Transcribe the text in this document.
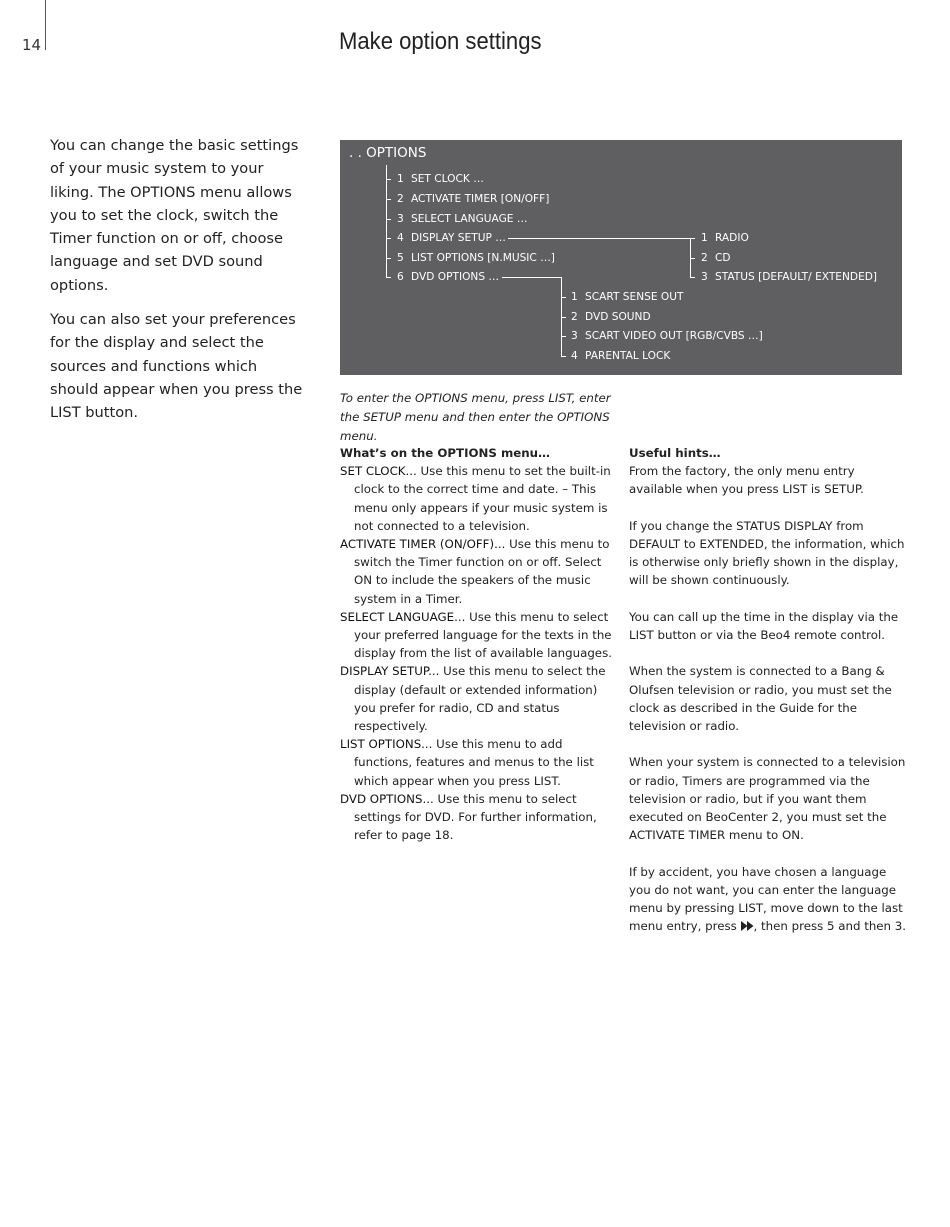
14	Make option settings

You can change the basic settings of your music system to your liking. The OPTIONS menu allows you to set the clock, switch the Timer function on or off, choose language and set DVD sound options.

You can also set your preferences for the display and select the sources and functions which should appear when you press the LIST button.

. . OPTIONS
1 SET CLOCK …
2 ACTIVATE TIMER [ON/OFF]
3 SELECT LANGUAGE …
4 DISPLAY SETUP …
5 LIST OPTIONS [N.MUSIC …]
6 DVD OPTIONS …
1 RADIO
2 CD
3 STATUS [DEFAULT/ EXTENDED]
1 SCART SENSE OUT
2 DVD SOUND
3 SCART VIDEO OUT [RGB/CVBS …]
4 PARENTAL LOCK
To enter the OPTIONS menu, press LIST, enter the SETUP menu and then enter the OPTIONS menu.
What’s on the OPTIONS menu…

SET CLOCK... Use this menu to set the built-in clock to the correct time and date. – This menu only appears if your music system is not connected to a television.

ACTIVATE TIMER (ON/OFF)... Use this menu to switch the Timer function on or off. Select ON to include the speakers of the music system in a Timer.

SELECT LANGUAGE... Use this menu to select your preferred language for the texts in the display from the list of available languages.

DISPLAY SETUP... Use this menu to select the display (default or extended information) you prefer for radio, CD and status respectively.

LIST OPTIONS... Use this menu to add functions, features and menus to the list which appear when you press LIST.

DVD OPTIONS... Use this menu to select settings for DVD. For further information, refer to page 18.

Useful hints…

From the factory, the only menu entry available when you press LIST is SETUP.

If you change the STATUS DISPLAY from DEFAULT to EXTENDED, the information, which is otherwise only briefly shown in the display, will be shown continuously.

You can call up the time in the display via the LIST button or via the Beo4 remote control.

When the system is connected to a Bang & Olufsen television or radio, you must set the clock as described in the Guide for the television or radio.

When your system is connected to a television or radio, Timers are programmed via the television or radio, but if you want them executed on BeoCenter 2, you must set the ACTIVATE TIMER menu to ON.

If by accident, you have chosen a language you do not want, you can enter the language menu by pressing LIST, move down to the last menu entry, press , then press 5 and then 3.
